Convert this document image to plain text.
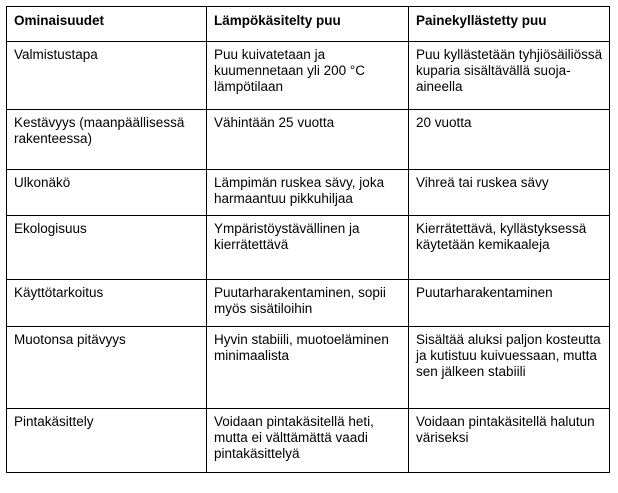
Ominaisuudet	Lämpökäsitelty puu	Painekyllästetty puu
Valmistustapa	Puu kuivatetaan ja kuumennetaan yli 200 °C lämpötilaan	Puu kyllästetään tyhjiösäiliössä kuparia sisältävällä suoja-aineella
Kestävyys (maanpäällisessä rakenteessa)	Vähintään 25 vuotta	20 vuotta
Ulkonäkö	Lämpimän ruskea sävy, joka harmaantuu pikkuhiljaa	Vihreä tai ruskea sävy
Ekologisuus	Ympäristöystävällinen ja kierrätettävä	Kierrätettävä, kyllästyksessä käytetään kemikaaleja
Käyttötarkoitus	Puutarharakentaminen, sopii myös sisätiloihin	Puutarharakentaminen
Muotonsa pitävyys	Hyvin stabiili, muotoeläminen minimaalista	Sisältää aluksi paljon kosteutta ja kutistuu kuivuessaan, mutta sen jälkeen stabiili
Pintakäsittely	Voidaan pintakäsitellä heti, mutta ei välttämättä vaadi pintakäsittelyä	Voidaan pintakäsitellä halutun väriseksi
